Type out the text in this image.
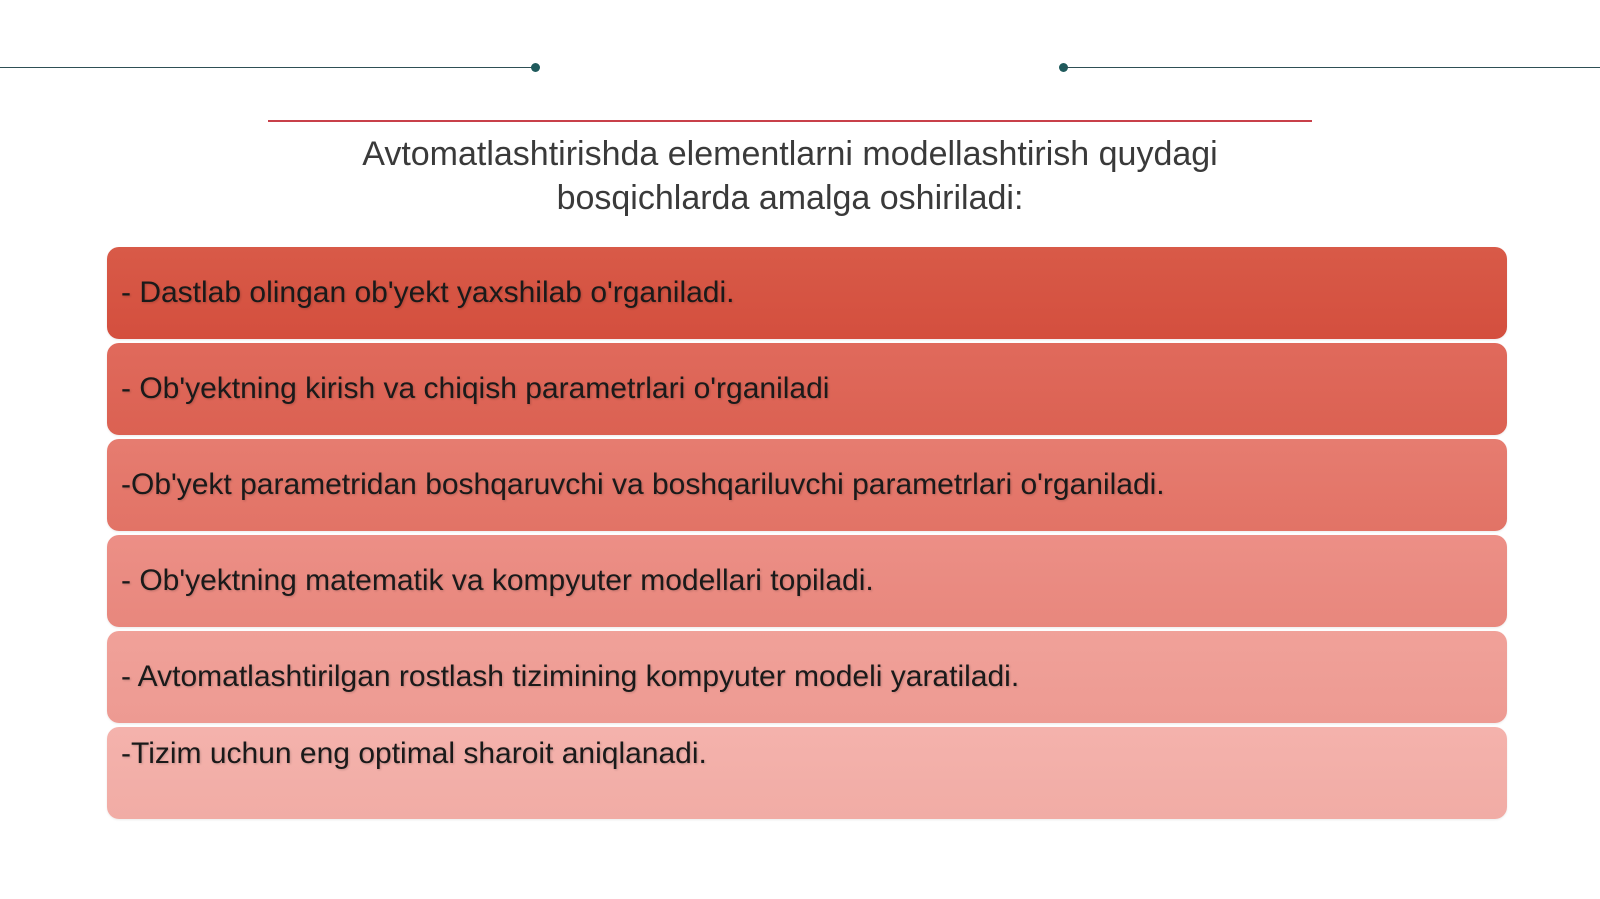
Avtomatlashtirishda elementlarni modellashtirish quydagi
bosqichlarda amalga oshiriladi:
- Dastlab olingan ob'yekt yaxshilab o'rganiladi.
- Ob'yektning kirish va chiqish parametrlari o'rganiladi
-Ob'yekt parametridan boshqaruvchi va boshqariluvchi parametrlari o'rganiladi.
- Ob'yektning matematik va kompyuter modellari topiladi.
- Avtomatlashtirilgan rostlash tizimining kompyuter modeli yaratiladi.
-Tizim uchun eng optimal sharoit aniqlanadi.
